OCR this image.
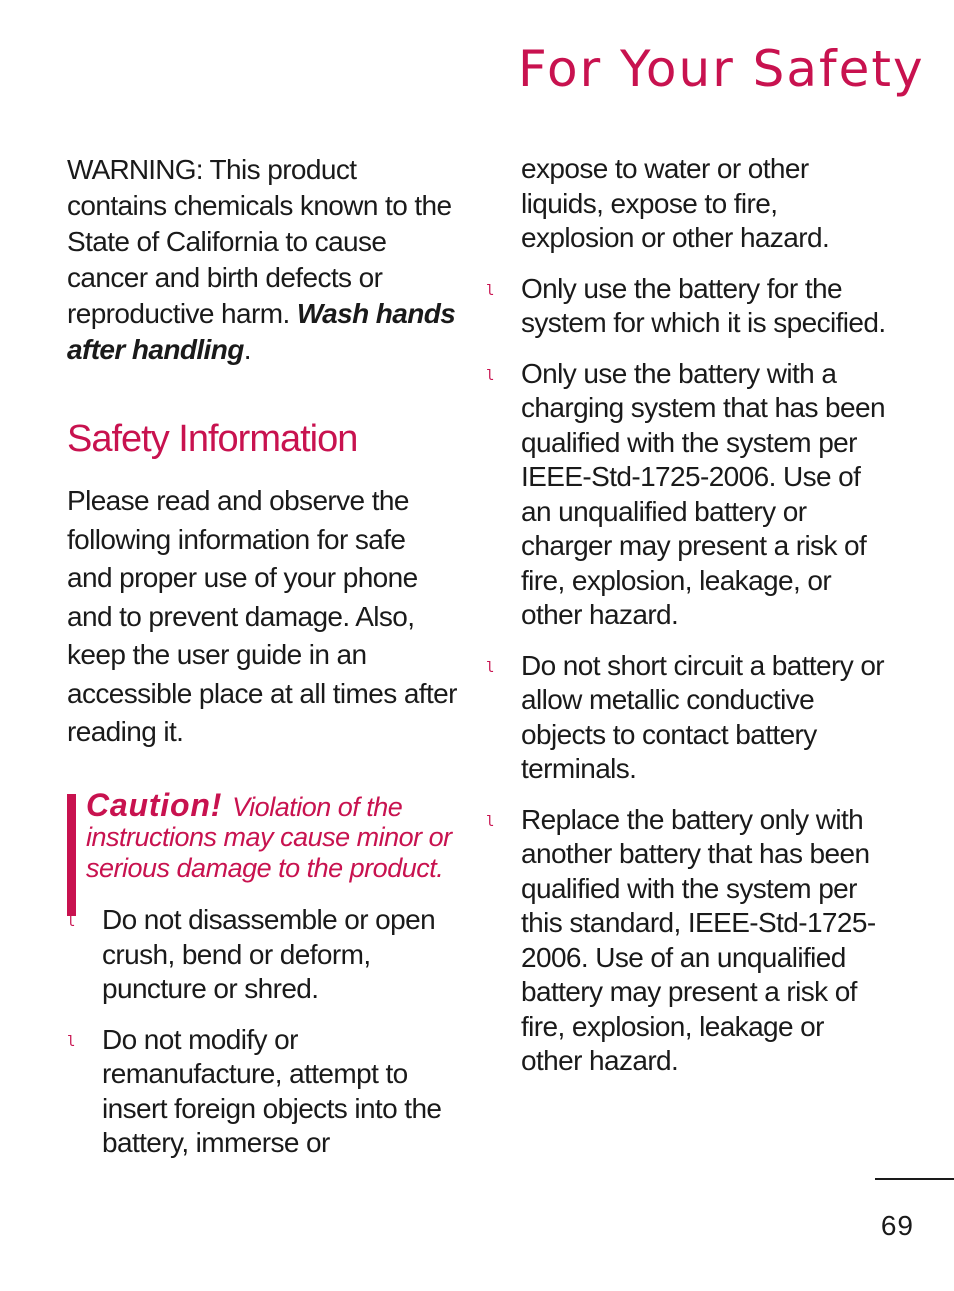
For Your Safety

WARNING: This product contains chemicals known to the State of California to cause cancer and birth defects or reproductive harm. Wash hands after handling.

Safety Information

Please read and observe the following information for safe and proper use of your phone and to prevent damage. Also, keep the user guide in an accessible place at all times after reading it.

Caution! Violation of the instructions may cause minor or serious damage to the product.
l Do not disassemble or open crush, bend or deform, puncture or shred.
l Do not modify or remanufacture, attempt to insert foreign objects into the battery, immerse or
expose to water or other liquids, expose to fire, explosion or other hazard.
l Only use the battery for the system for which it is specified.
l Only use the battery with a charging system that has been qualified with the system per IEEE-Std-1725-2006. Use of an unqualified battery or charger may present a risk of fire, explosion, leakage, or other hazard.
l Do not short circuit a battery or allow metallic conductive objects to contact battery terminals.
l Replace the battery only with another battery that has been qualified with the system per this standard, IEEE-Std-1725-2006. Use of an unqualified battery may present a risk of fire, explosion, leakage or other hazard.
69
